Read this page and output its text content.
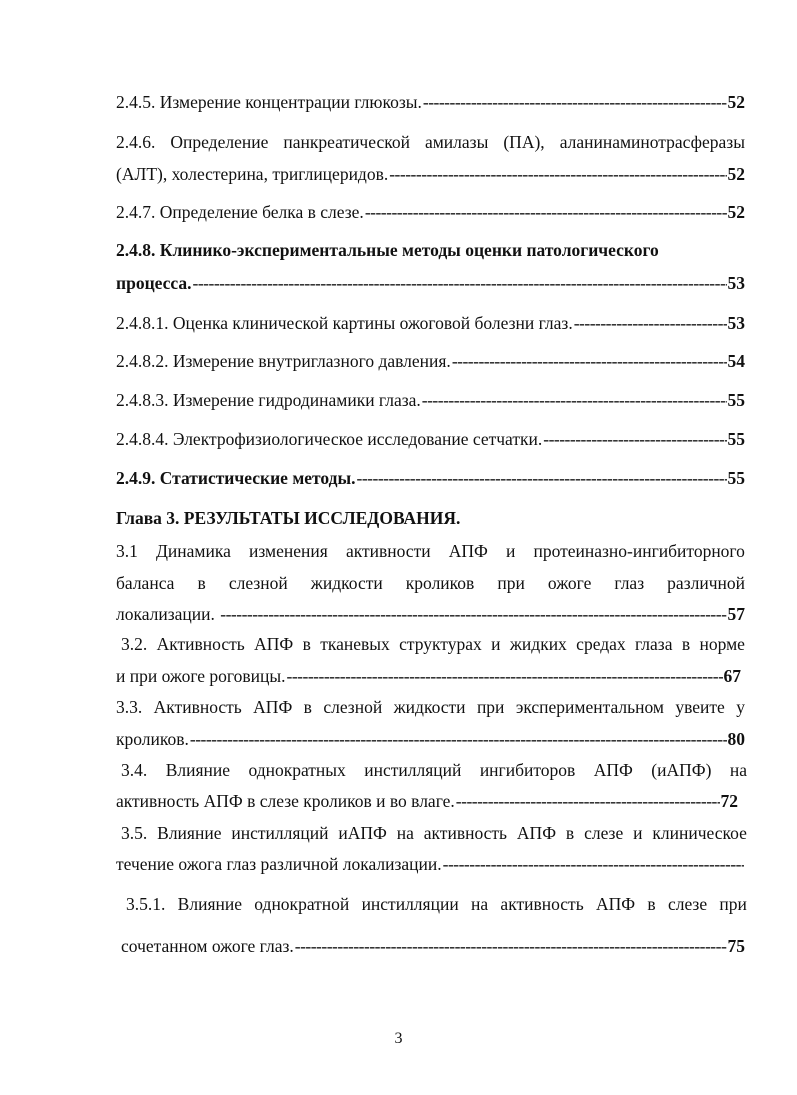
2.4.5. Измерение концентрации глюкозы. -----	52
2.4.6. Определение панкреатической амилазы (ПА), аланинаминотрасферазы
(АЛТ), холестерина, триглицеридов. -----	52
2.4.7. Определение белка в слезе. -----	52
2.4.8. Клинико-экспериментальные методы оценки патологического
процесса. -----	53
2.4.8.1. Оценка клинической картины ожоговой болезни глаз. -----	53
2.4.8.2. Измерение внутриглазного давления. -----	54
2.4.8.3. Измерение гидродинамики глаза. -----	55
2.4.8.4. Электрофизиологическое исследование сетчатки. -----	55
2.4.9. Статистические методы. -----	55
Глава 3. РЕЗУЛЬТАТЫ ИССЛЕДОВАНИЯ.
3.1 Динамика изменения активности АПФ и протеиназно-ингибиторного
баланса в слезной жидкости кроликов при ожоге глаз различной
локализации. -----	57
3.2. Активность АПФ в тканевых структурах и жидких средах глаза в норме
и при ожоге роговицы. -----	67
3.3. Активность АПФ в слезной жидкости при экспериментальном увеите у
кроликов. -----	80
3.4. Влияние однократных инстилляций ингибиторов АПФ (иАПФ) на
активность АПФ в слезе кроликов и во влаге. -----	72
3.5. Влияние инстилляций иАПФ на активность АПФ в слезе и клиническое
течение ожога глаз различной локализации.
-----
3.5.1. Влияние однократной инстилляции на активность АПФ в слезе при
сочетанном ожоге глаз. -----	75
3
